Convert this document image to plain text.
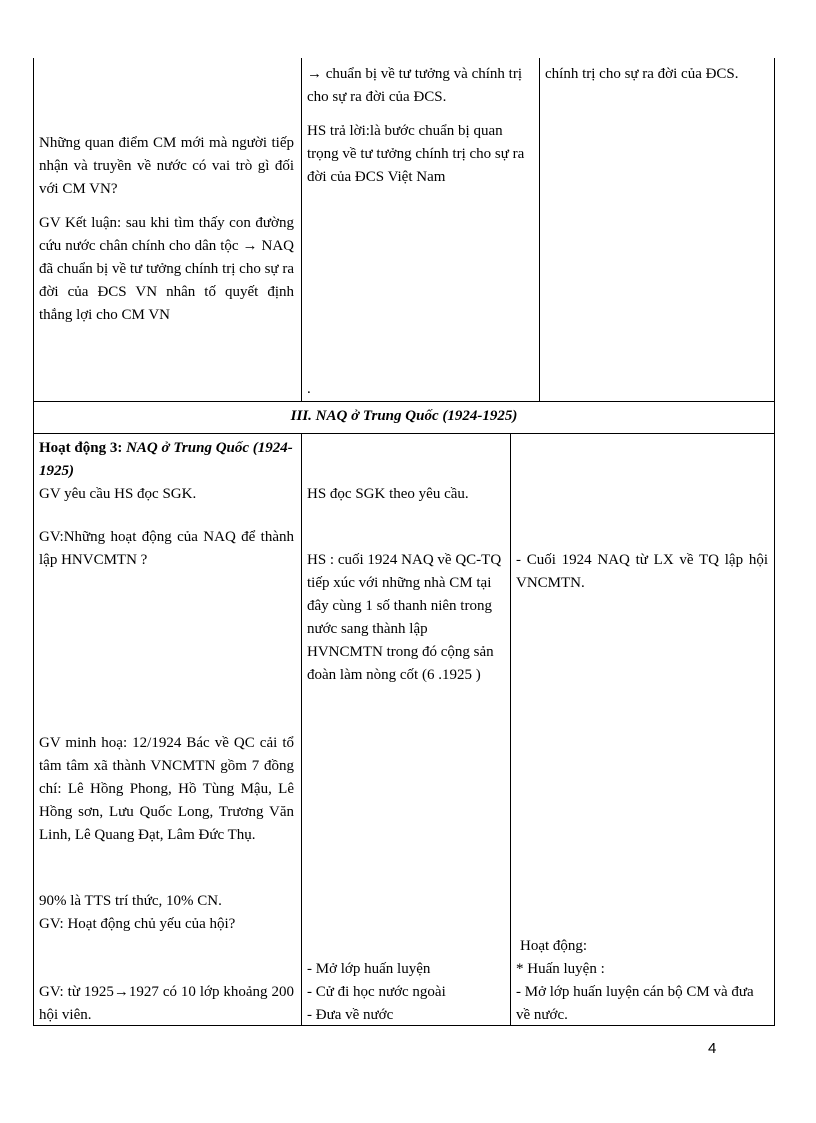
Những quan điểm CM mới mà người tiếp nhận và truyền về nước có vai trò gì đối với CM VN?

GV Kết luận: sau khi tìm thấy con đường cứu nước chân chính cho dân tộc → NAQ đã chuẩn bị về tư tưởng chính trị cho sự ra đời của ĐCS VN nhân tố quyết định thắng lợi cho CM VN

→ chuẩn bị về tư tưởng và chính trị cho sự ra đời của ĐCS.

HS trả lời:là bước chuẩn bị quan trọng về tư tưởng chính trị cho sự ra đời của ĐCS Việt Nam

.

chính trị cho sự ra đời của ĐCS.

III. NAQ ở Trung Quốc (1924-1925)
Hoạt động 3: NAQ ở Trung Quốc (1924-1925)
GV yêu cầu HS đọc SGK.
GV:Những hoạt động của NAQ để thành lập HNVCMTN ?
GV minh hoạ: 12/1924 Bác về QC cải tổ tâm tâm xã thành VNCMTN gồm 7 đồng chí: Lê Hồng Phong, Hồ Tùng Mậu, Lê Hồng sơn, Lưu Quốc Long, Trương Văn Linh, Lê Quang Đạt, Lâm Đức Thụ.
90% là TTS trí thức, 10% CN.
GV: Hoạt động chủ yếu của hội?
GV: từ 1925→1927 có 10 lớp khoảng 200 hội viên.
HS đọc SGK theo yêu cầu.
HS : cuối 1924 NAQ về QC-TQ tiếp xúc với những nhà CM tại đây cùng 1 số thanh niên trong nước sang thành lập HVNCMTN trong đó cộng sản đoàn làm nòng cốt (6 .1925 )

- Mở lớp huấn luyện

- Cử đi học nước ngoài

- Đưa về nước

- Cuối 1924 NAQ từ LX về TQ lập hội VNCMTN.
Hoạt động:
* Huấn luyện :
- Mở lớp huấn luyện cán bộ CM và đưa về nước.
4
